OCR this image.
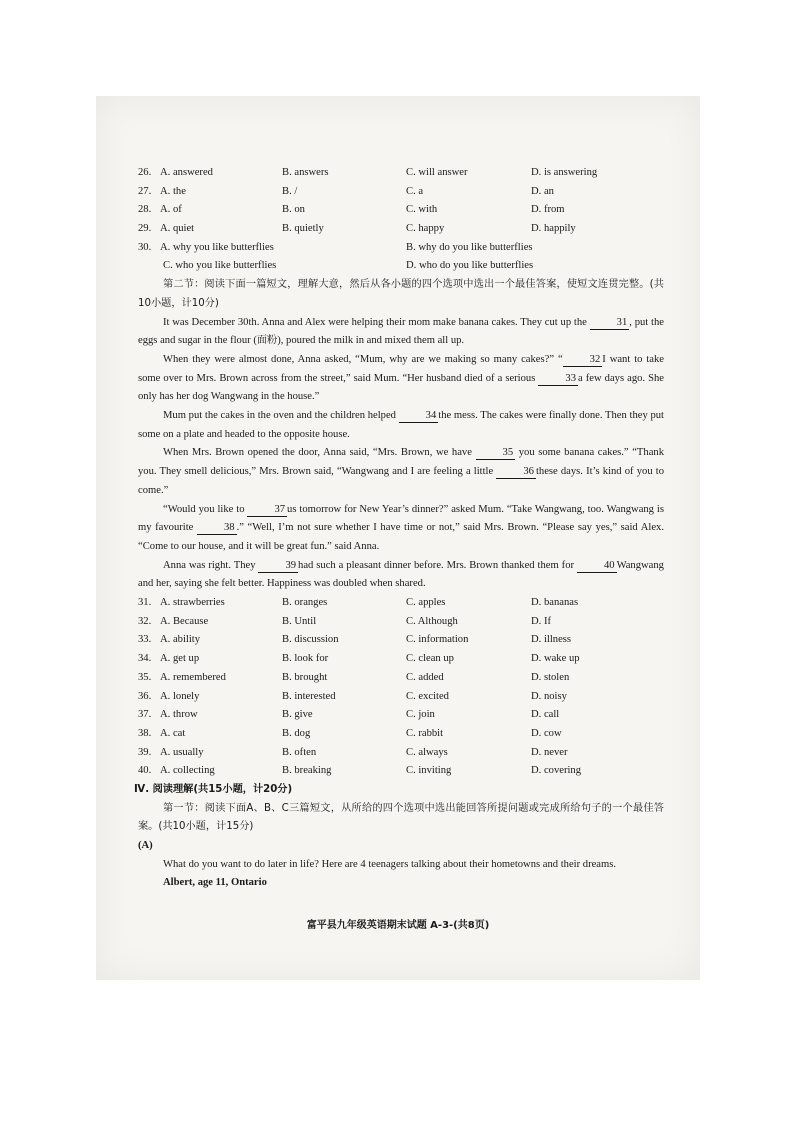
26. A. answered	B. answers	C. will answer	D. is answering
27. A. the	B. /	C. a	D. an
28. A. of	B. on	C. with	D. from
29. A. quiet	B. quietly	C. happy	D. happily
30. A. why you like butterflies	B. why do you like butterflies
C. who you like butterflies	D. who do you like butterflies

第二节：阅读下面一篇短文，理解大意，然后从各小题的四个选项中选出一个最佳答案，使短文连贯完整。(共10小题，计10分)

It was December 30th. Anna and Alex were helping their mom make banana cakes. They cut up the	31 , put the eggs and sugar in the flour (面粉), poured the milk in and mixed them all up.

When they were almost done, Anna asked, “Mum, why are we making so many cakes?” “	32 I want to take some over to Mrs. Brown across from the street,” said Mum. “Her husband died of a serious	33 a few days ago. She only has her dog Wangwang in the house.”

Mum put the cakes in the oven and the children helped	34 the mess. The cakes were finally done. Then they put some on a plate and headed to the opposite house.

When Mrs. Brown opened the door, Anna said, “Mrs. Brown, we have	35 you some banana cakes.” “Thank you. They smell delicious,” Mrs. Brown said, “Wangwang and I are feeling a little	36 these days. It’s kind of you to come.”

“Would you like to	37 us tomorrow for New Year’s dinner?” asked Mum. “Take Wangwang, too. Wangwang is my favourite	38 .” “Well, I’m not sure whether I have time or not,” said Mrs. Brown. “Please say yes,” said Alex. “Come to our house, and it will be great fun.” said Anna.

Anna was right. They	39 had such a pleasant dinner before. Mrs. Brown thanked them for	40 Wangwang and her, saying she felt better. Happiness was doubled when shared.

31. A. strawberries	B. oranges	C. apples	D. bananas
32. A. Because	B. Until	C. Although	D. If
33. A. ability	B. discussion	C. information	D. illness
34. A. get up	B. look for	C. clean up	D. wake up
35. A. remembered	B. brought	C. added	D. stolen
36. A. lonely	B. interested	C. excited	D. noisy
37. A. throw	B. give	C. join	D. call
38. A. cat	B. dog	C. rabbit	D. cow
39. A. usually	B. often	C. always	D. never
40. A. collecting	B. breaking	C. inviting	D. covering

Ⅳ. 阅读理解(共15小题，计20分)

第一节：阅读下面A、B、C三篇短文，从所给的四个选项中选出能回答所提问题或完成所给句子的一个最佳答案。(共10小题，计15分)

(A)

What do you want to do later in life? Here are 4 teenagers talking about their hometowns and their dreams.

Albert, age 11, Ontario

富平县九年级英语期末试题 A-3-(共8页)
